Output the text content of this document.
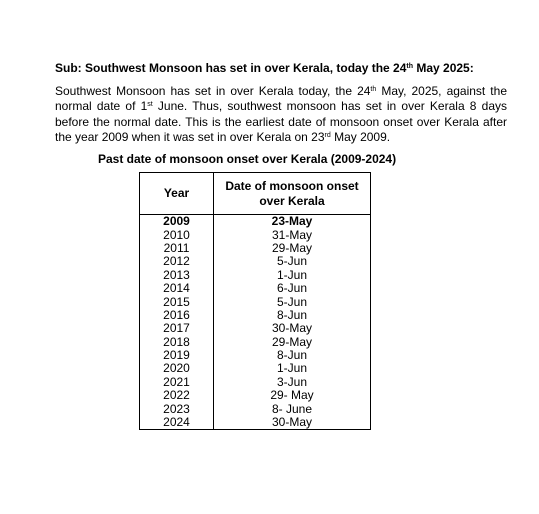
Sub: Southwest Monsoon has set in over Kerala, today the 24th May 2025:
Southwest Monsoon has set in over Kerala today, the 24th May, 2025, against the normal date of 1st June. Thus, southwest monsoon has set in over Kerala 8 days before the normal date. This is the earliest date of monsoon onset over Kerala after the year 2009 when it was set in over Kerala on 23rd May 2009.
Past date of monsoon onset over Kerala (2009-2024)
Year	Date of monsoon onset over Kerala
2009	23-May
2010	31-May
2011	29-May
2012	5-Jun
2013	1-Jun
2014	6-Jun
2015	5-Jun
2016	8-Jun
2017	30-May
2018	29-May
2019	8-Jun
2020	1-Jun
2021	3-Jun
2022	29- May
2023	8- June
2024	30-May
